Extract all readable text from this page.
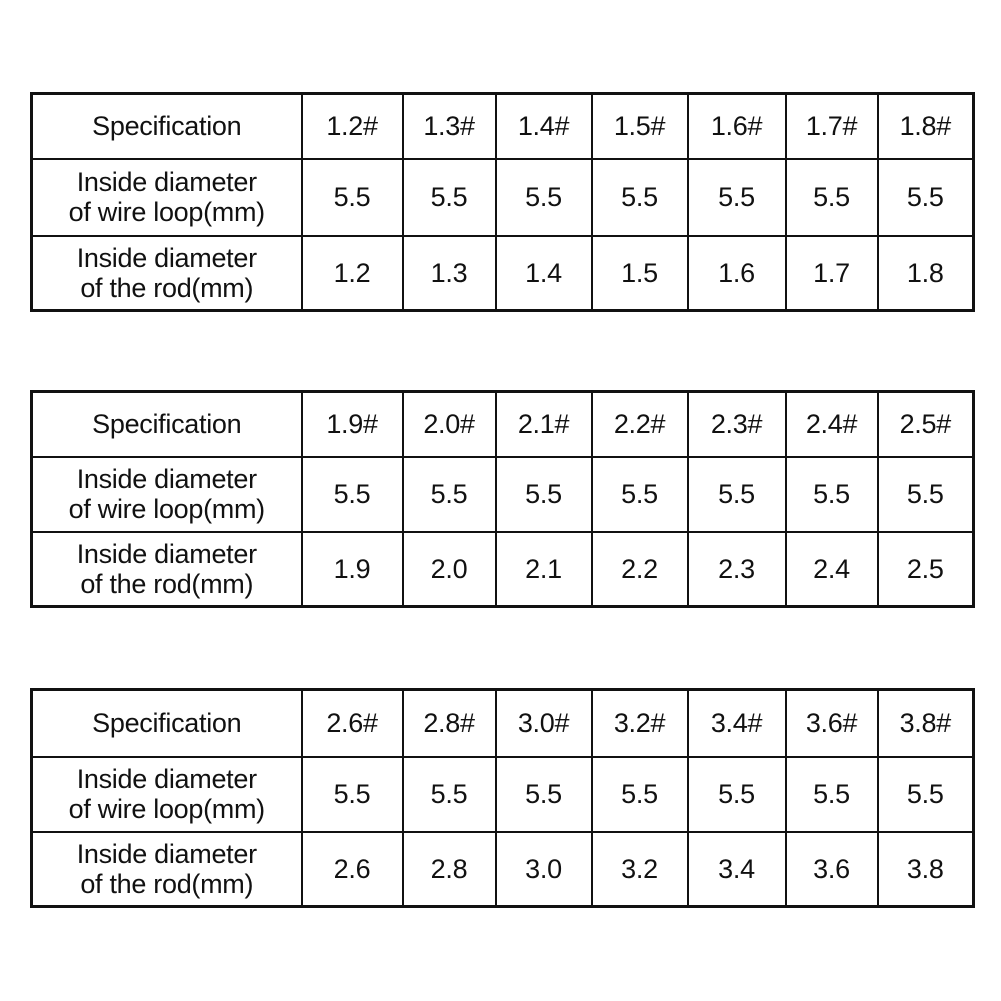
Specification	1.2#	1.3#	1.4#	1.5#	1.6#	1.7#	1.8#

Inside diameter
of wire loop(mm)	5.5	5.5	5.5	5.5	5.5	5.5	5.5

Inside diameter
of the rod(mm)	1.2	1.3	1.4	1.5	1.6	1.7	1.8
Specification	1.9#	2.0#	2.1#	2.2#	2.3#	2.4#	2.5#

Inside diameter
of wire loop(mm)	5.5	5.5	5.5	5.5	5.5	5.5	5.5

Inside diameter
of the rod(mm)	1.9	2.0	2.1	2.2	2.3	2.4	2.5
Specification	2.6#	2.8#	3.0#	3.2#	3.4#	3.6#	3.8#

Inside diameter
of wire loop(mm)	5.5	5.5	5.5	5.5	5.5	5.5	5.5

Inside diameter
of the rod(mm)	2.6	2.8	3.0	3.2	3.4	3.6	3.8
